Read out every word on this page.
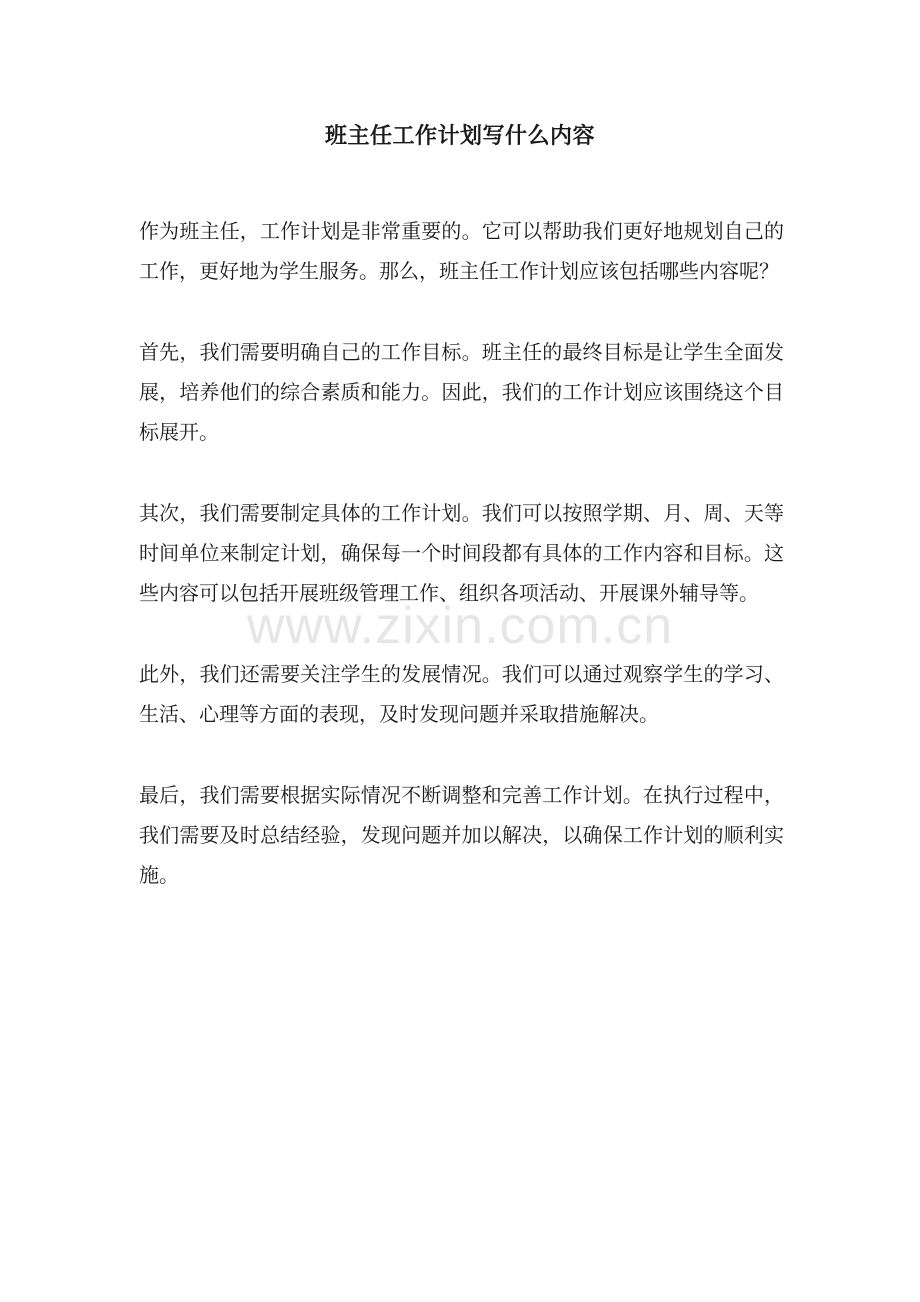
班主任工作计划写什么内容

作为班主任，工作计划是非常重要的。它可以帮助我们更好地规划自己的工作，更好地为学生服务。那么，班主任工作计划应该包括哪些内容呢？

首先，我们需要明确自己的工作目标。班主任的最终目标是让学生全面发展，培养他们的综合素质和能力。因此，我们的工作计划应该围绕这个目标展开。

其次，我们需要制定具体的工作计划。我们可以按照学期、月、周、天等时间单位来制定计划，确保每一个时间段都有具体的工作内容和目标。这些内容可以包括开展班级管理工作、组织各项活动、开展课外辅导等。

此外，我们还需要关注学生的发展情况。我们可以通过观察学生的学习、生活、心理等方面的表现，及时发现问题并采取措施解决。

最后，我们需要根据实际情况不断调整和完善工作计划。在执行过程中，我们需要及时总结经验，发现问题并加以解决，以确保工作计划的顺利实施。

www.zixin.com.cn
